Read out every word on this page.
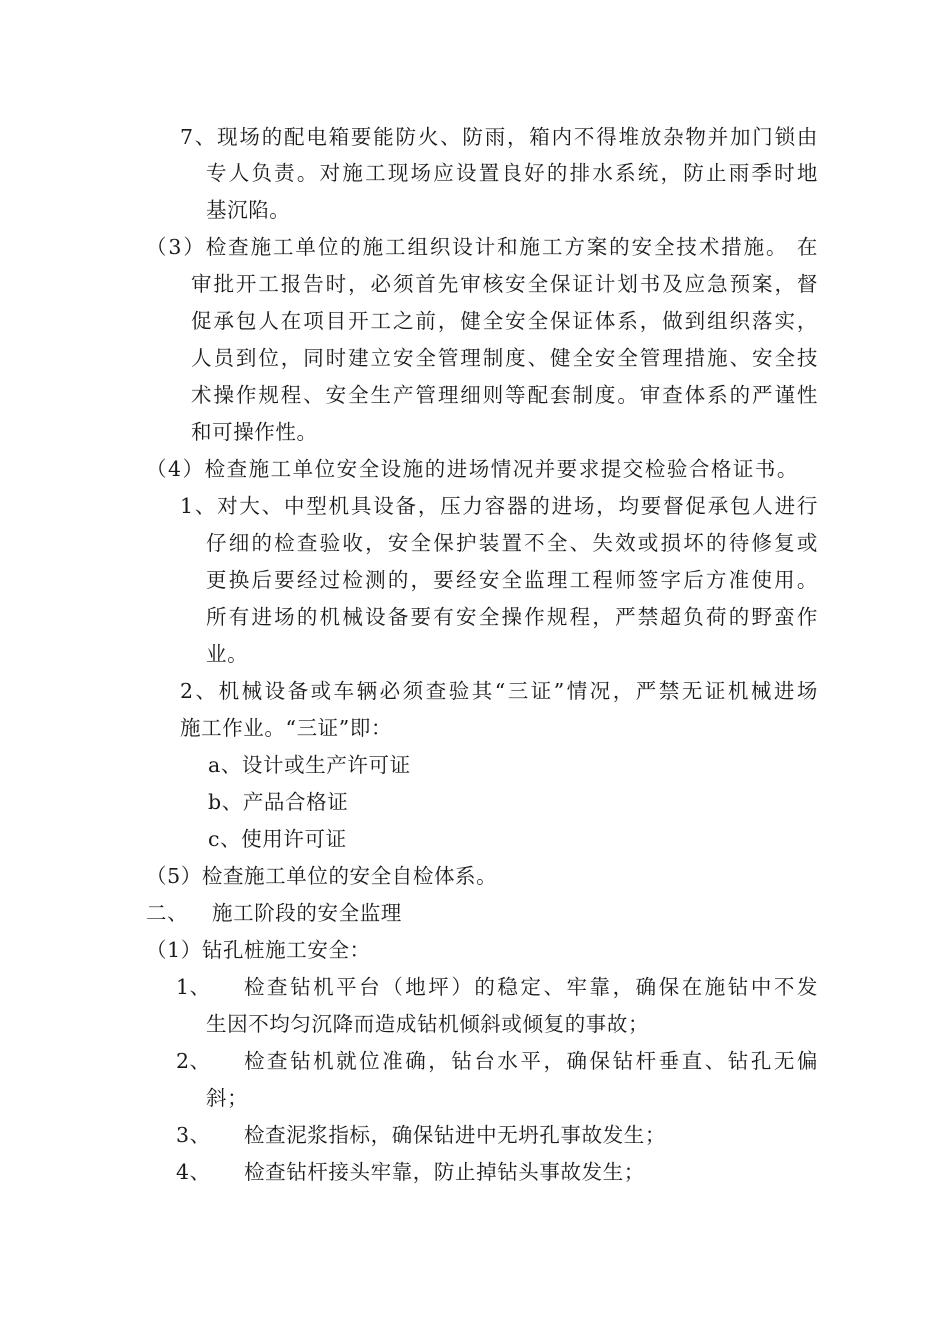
7、现场的配电箱要能防火、防雨，箱内不得堆放杂物并加门锁由
专人负责。对施工现场应设置良好的排水系统，防止雨季时地
基沉陷。
（3）检查施工单位的施工组织设计和施工方案的安全技术措施。 在
审批开工报告时，必须首先审核安全保证计划书及应急预案，督
促承包人在项目开工之前，健全安全保证体系，做到组织落实，
人员到位，同时建立安全管理制度、健全安全管理措施、安全技
术操作规程、安全生产管理细则等配套制度。审查体系的严谨性
和可操作性。
（4）检查施工单位安全设施的进场情况并要求提交检验合格证书。
1、对大、中型机具设备，压力容器的进场，均要督促承包人进行
仔细的检查验收，安全保护装置不全、失效或损坏的待修复或
更换后要经过检测的，要经安全监理工程师签字后方准使用。
所有进场的机械设备要有安全操作规程，严禁超负荷的野蛮作
业。
2、机械设备或车辆必须查验其“三证”情况，严禁无证机械进场
施工作业。“三证”即：
a、设计或生产许可证
b、产品合格证
c、使用许可证
（5）检查施工单位的安全自检体系。
二、 施工阶段的安全监理
（1）钻孔桩施工安全：
1、 检查钻机平台（地坪）的稳定、牢靠，确保在施钻中不发
生因不均匀沉降而造成钻机倾斜或倾复的事故；
2、 检查钻机就位准确，钻台水平，确保钻杆垂直、钻孔无偏
斜；
3、 检查泥浆指标，确保钻进中无坍孔事故发生；
4、 检查钻杆接头牢靠，防止掉钻头事故发生；
